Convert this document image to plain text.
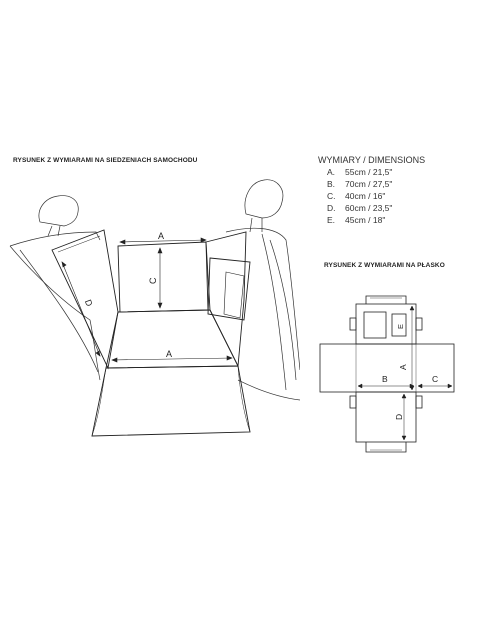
RYSUNEK Z WYMIARAMI NA SIEDZENIACH SAMOCHODU
RYSUNEK Z WYMIARAMI NA PŁASKO
WYMIARY / DIMENSIONS
A. 55cm / 21,5"
B. 70cm / 27,5"
C. 40cm / 16"
D. 60cm / 23,5"
E. 45cm / 18"
A
A
C
D
B	C
A
D
E
